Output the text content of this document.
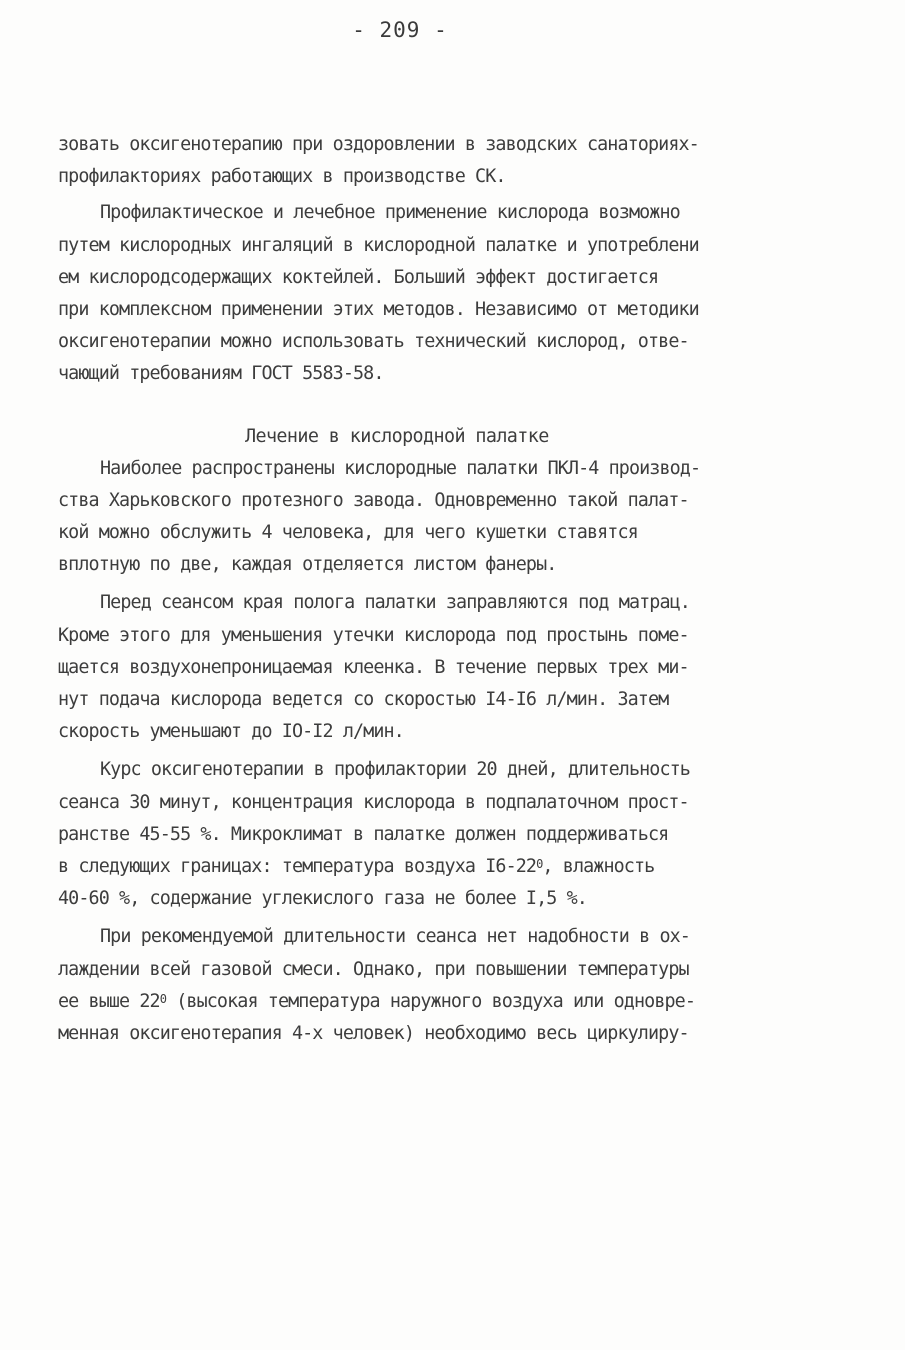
- 209 -
зовать оксигенотерапию при оздоровлении в заводских санаториях-
профилакториях работающих в производстве СК.
Профилактическое и лечебное применение кислорода возможно
путем кислородных ингаляций в кислородной палатке и употреблени
ем кислородсодержащих коктейлей. Больший эффект достигается
при комплексном применении этих методов. Независимо от методики
оксигенотерапии можно использовать технический кислород, отве-
чающий требованиям ГОСТ 5583-58.
Лечение в кислородной палатке
Наиболее распространены кислородные палатки ПКЛ-4 производ-
ства Харьковского протезного завода. Одновременно такой палат-
кой можно обслужить 4 человека, для чего кушетки ставятся
вплотную по две, каждая отделяется листом фанеры.
Перед сеансом края полога палатки заправляются под матрац.
Кроме этого для уменьшения утечки кислорода под простынь поме-
щается воздухонепроницаемая клеенка. В течение первых трех ми-
нут подача кислорода ведется со скоростью I4-I6 л/мин. Затем
скорость уменьшают до IO-I2 л/мин.
Курс оксигенотерапии в профилактории 20 дней, длительность
сеанса 30 минут, концентрация кислорода в подпалаточном прост-
ранстве 45-55 %. Микроклимат в палатке должен поддерживаться
в следующих границах: температура воздуха $I6-22^0$, влажность
40-60 %, содержание углекислого газа не более I,5 %.
При рекомендуемой длительности сеанса нет надобности в ох-
лаждении всей газовой смеси. Однако, при повышении температуры
ее выше $22^0$ (высокая температура наружного воздуха или одновре-
менная оксигенотерапия 4-х человек) необходимо весь циркулиру-
